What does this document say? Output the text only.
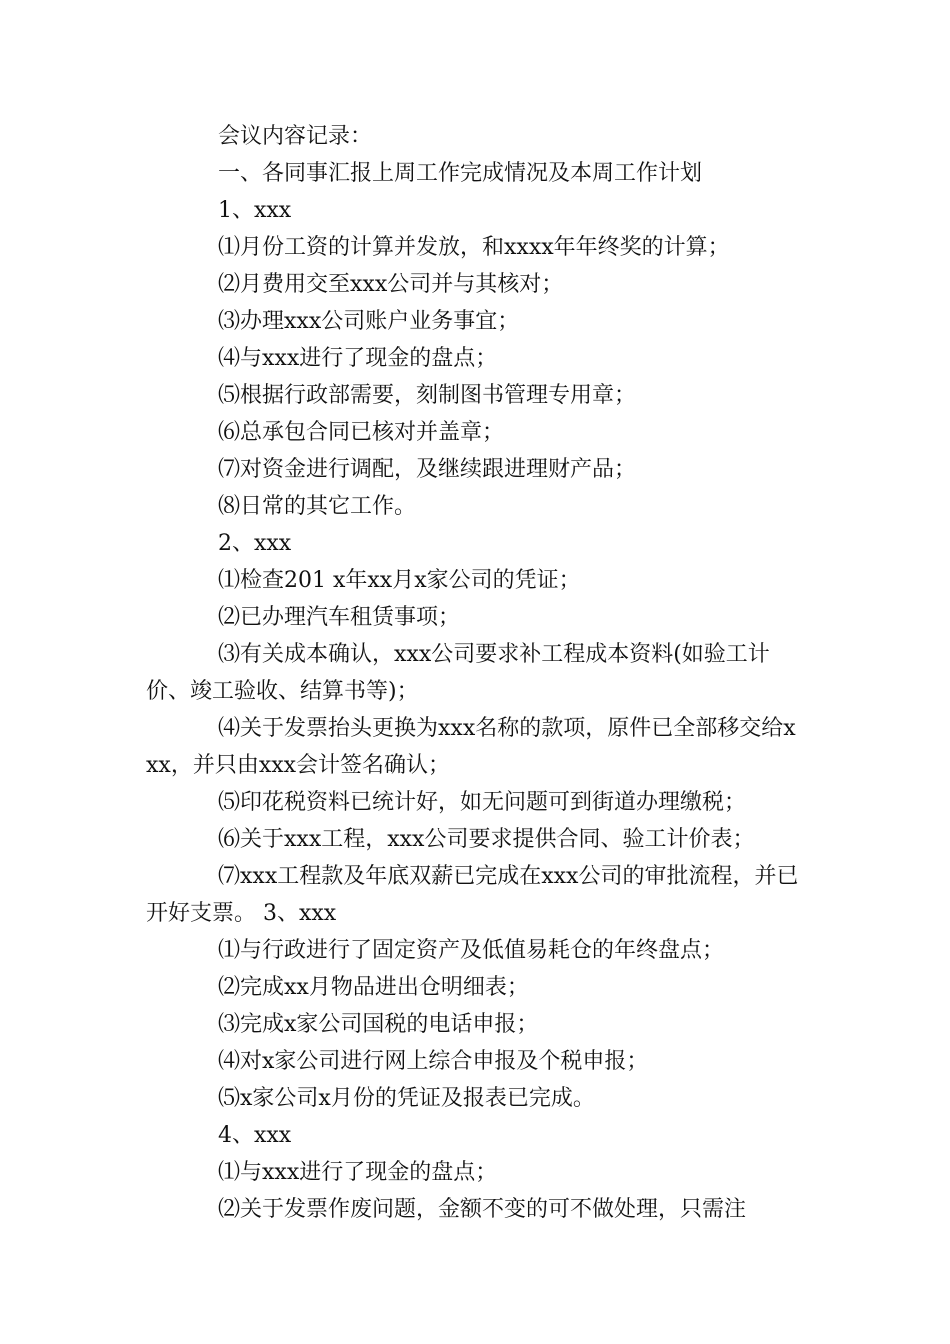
会议内容记录：

一、各同事汇报上周工作完成情况及本周工作计划

1、xxx

⑴月份工资的计算并发放，和xxxx年年终奖的计算；

⑵月费用交至xxx公司并与其核对；

⑶办理xxx公司账户业务事宜；

⑷与xxx进行了现金的盘点；

⑸根据行政部需要，刻制图书管理专用章；

⑹总承包合同已核对并盖章；

⑺对资金进行调配，及继续跟进理财产品；

⑻日常的其它工作。

2、xxx

⑴检查201 x年xx月x家公司的凭证；

⑵已办理汽车租赁事项；

⑶有关成本确认，xxx公司要求补工程成本资料(如验工计价、竣工验收、结算书等)；

⑷关于发票抬头更换为xxx名称的款项，原件已全部移交给xxx，并只由xxx会计签名确认；

⑸印花税资料已统计好，如无问题可到街道办理缴税；

⑹关于xxx工程，xxx公司要求提供合同、验工计价表；

⑺xxx工程款及年底双薪已完成在xxx公司的审批流程，并已开好支票。 3、xxx

⑴与行政进行了固定资产及低值易耗仓的年终盘点；

⑵完成xx月物品进出仓明细表；

⑶完成x家公司国税的电话申报；

⑷对x家公司进行网上综合申报及个税申报；

⑸x家公司x月份的凭证及报表已完成。

4、xxx

⑴与xxx进行了现金的盘点；

⑵关于发票作废问题，金额不变的可不做处理，只需注
